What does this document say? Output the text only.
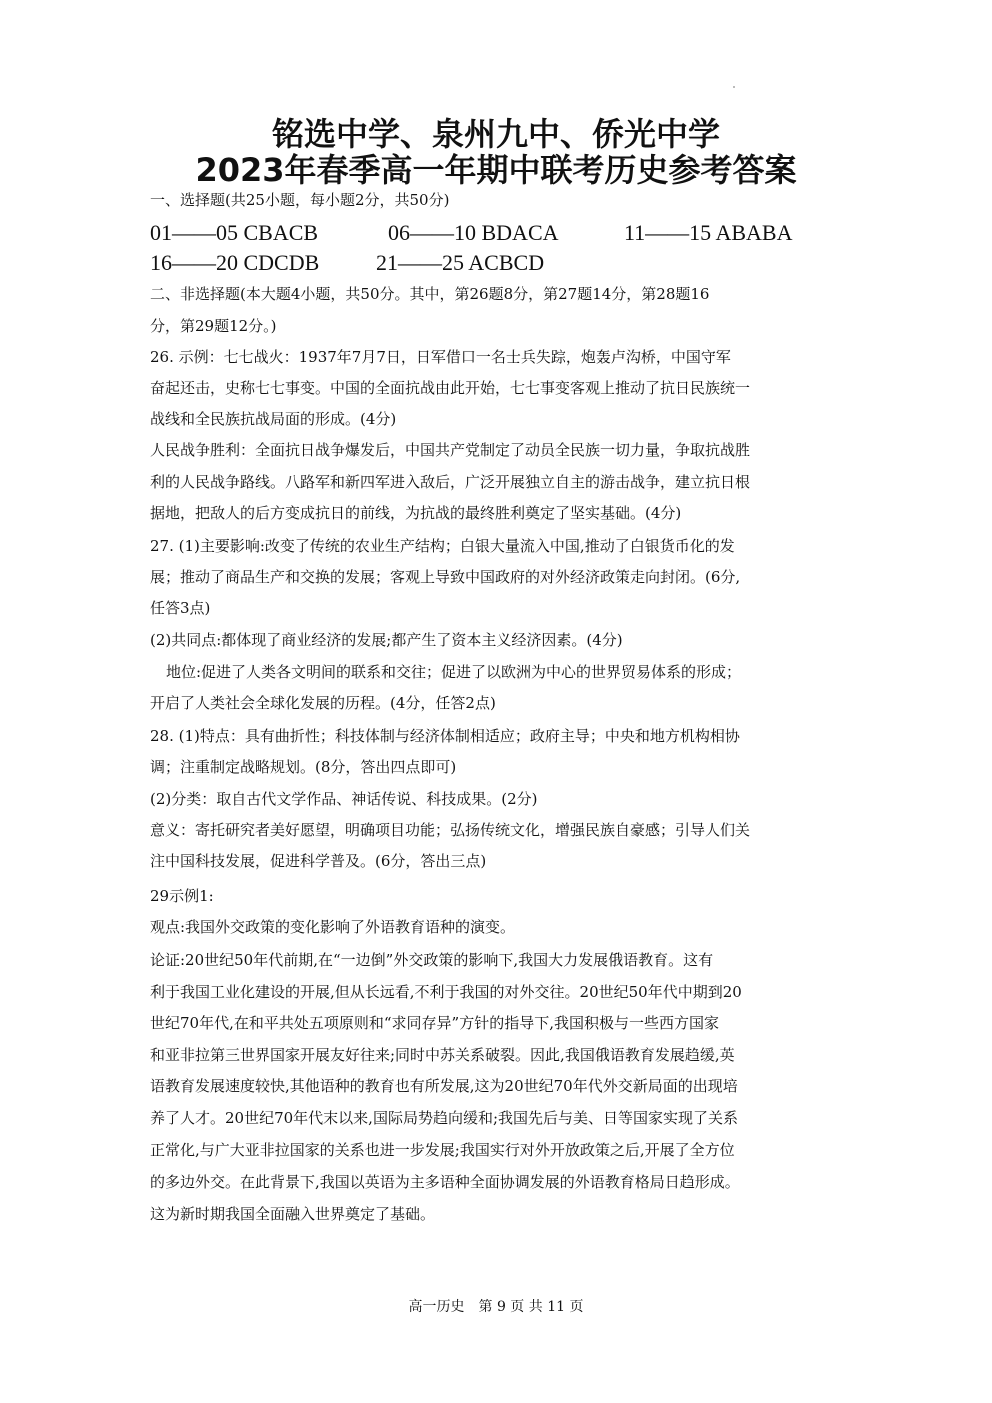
铭选中学、泉州九中、侨光中学
2023年春季高一年期中联考历史参考答案
一、选择题(共25小题，每小题2分，共50分)
01——05 CBACB	06——10 BDACA	11——15 ABABA
16——20 CDCDB	21——25 ACBCD
二、非选择题(本大题4小题，共50分。其中，第26题8分，第27题14分，第28题16
分，第29题12分。)
26. 示例：七七战火：1937年7月7日，日军借口一名士兵失踪，炮轰卢沟桥，中国守军
奋起还击，史称七七事变。中国的全面抗战由此开始，七七事变客观上推动了抗日民族统一
战线和全民族抗战局面的形成。(4分)
人民战争胜利：全面抗日战争爆发后，中国共产党制定了动员全民族一切力量，争取抗战胜
利的人民战争路线。八路军和新四军进入敌后，广泛开展独立自主的游击战争，建立抗日根
据地，把敌人的后方变成抗日的前线，为抗战的最终胜利奠定了坚实基础。(4分)
27. (1)主要影响:改变了传统的农业生产结构；白银大量流入中国,推动了白银货币化的发
展；推动了商品生产和交换的发展；客观上导致中国政府的对外经济政策走向封闭。(6分,
任答3点)
(2)共同点:都体现了商业经济的发展;都产生了资本主义经济因素。(4分)
地位:促进了人类各文明间的联系和交往；促进了以欧洲为中心的世界贸易体系的形成；
开启了人类社会全球化发展的历程。(4分，任答2点)
28. (1)特点：具有曲折性；科技体制与经济体制相适应；政府主导；中央和地方机构相协
调；注重制定战略规划。(8分，答出四点即可)
(2)分类：取自古代文学作品、神话传说、科技成果。(2分)
意义：寄托研究者美好愿望，明确项目功能；弘扬传统文化，增强民族自豪感；引导人们关
注中国科技发展，促进科学普及。(6分，答出三点)
29示例1:
观点:我国外交政策的变化影响了外语教育语种的演变。
论证:20世纪50年代前期,在“一边倒”外交政策的影响下,我国大力发展俄语教育。这有
利于我国工业化建设的开展,但从长远看,不利于我国的对外交往。20世纪50年代中期到20
世纪70年代,在和平共处五项原则和“求同存异”方针的指导下,我国积极与一些西方国家
和亚非拉第三世界国家开展友好往来;同时中苏关系破裂。因此,我国俄语教育发展趋缓,英
语教育发展速度较快,其他语种的教育也有所发展,这为20世纪70年代外交新局面的出现培
养了人才。20世纪70年代末以来,国际局势趋向缓和;我国先后与美、日等国家实现了关系
正常化,与广大亚非拉国家的关系也进一步发展;我国实行对外开放政策之后,开展了全方位
的多边外交。在此背景下,我国以英语为主多语种全面协调发展的外语教育格局日趋形成。
这为新时期我国全面融入世界奠定了基础。
高一历史　第 9 页 共 11 页
